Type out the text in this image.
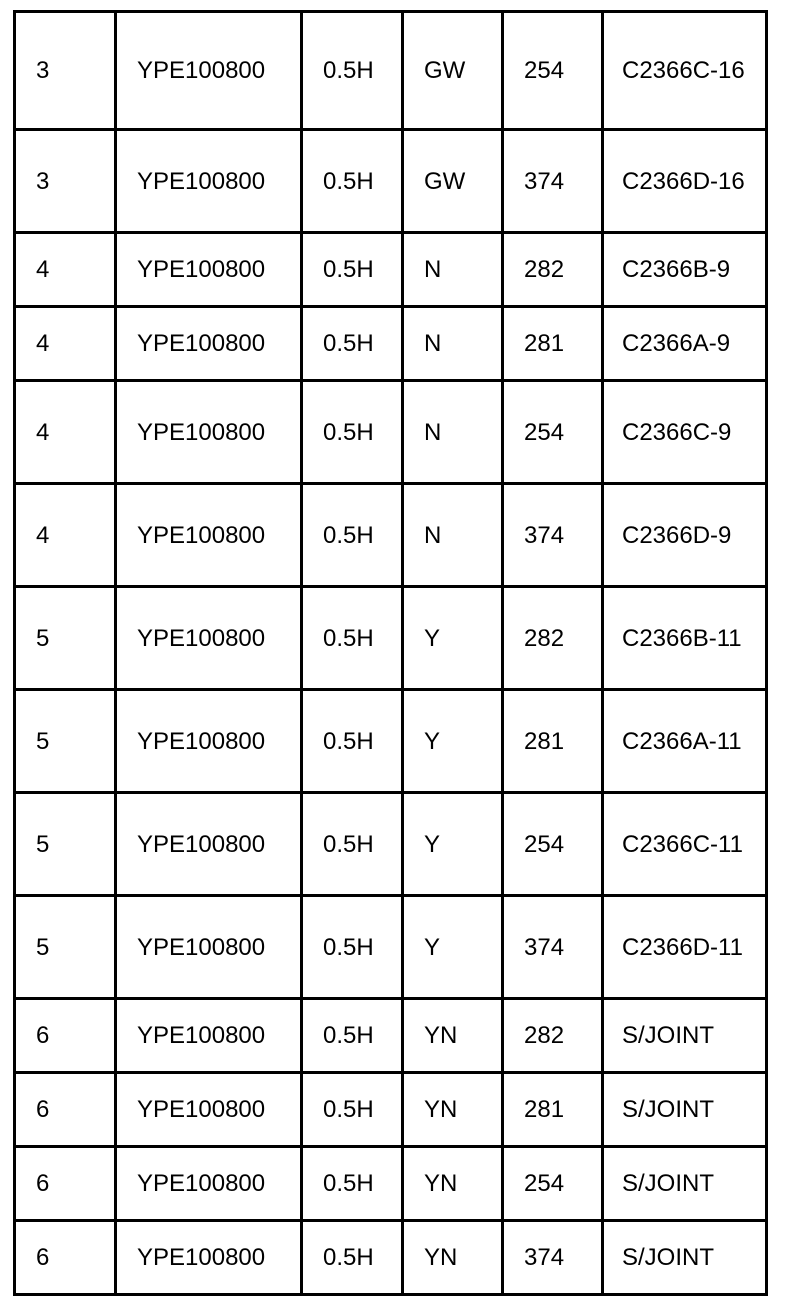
3	YPE100800	0.5H	GW	254	C2366C-16
3	YPE100800	0.5H	GW	374	C2366D-16
4	YPE100800	0.5H	N	282	C2366B-9
4	YPE100800	0.5H	N	281	C2366A-9
4	YPE100800	0.5H	N	254	C2366C-9
4	YPE100800	0.5H	N	374	C2366D-9
5	YPE100800	0.5H	Y	282	C2366B-11
5	YPE100800	0.5H	Y	281	C2366A-11
5	YPE100800	0.5H	Y	254	C2366C-11
5	YPE100800	0.5H	Y	374	C2366D-11
6	YPE100800	0.5H	YN	282	S/JOINT
6	YPE100800	0.5H	YN	281	S/JOINT
6	YPE100800	0.5H	YN	254	S/JOINT
6	YPE100800	0.5H	YN	374	S/JOINT
